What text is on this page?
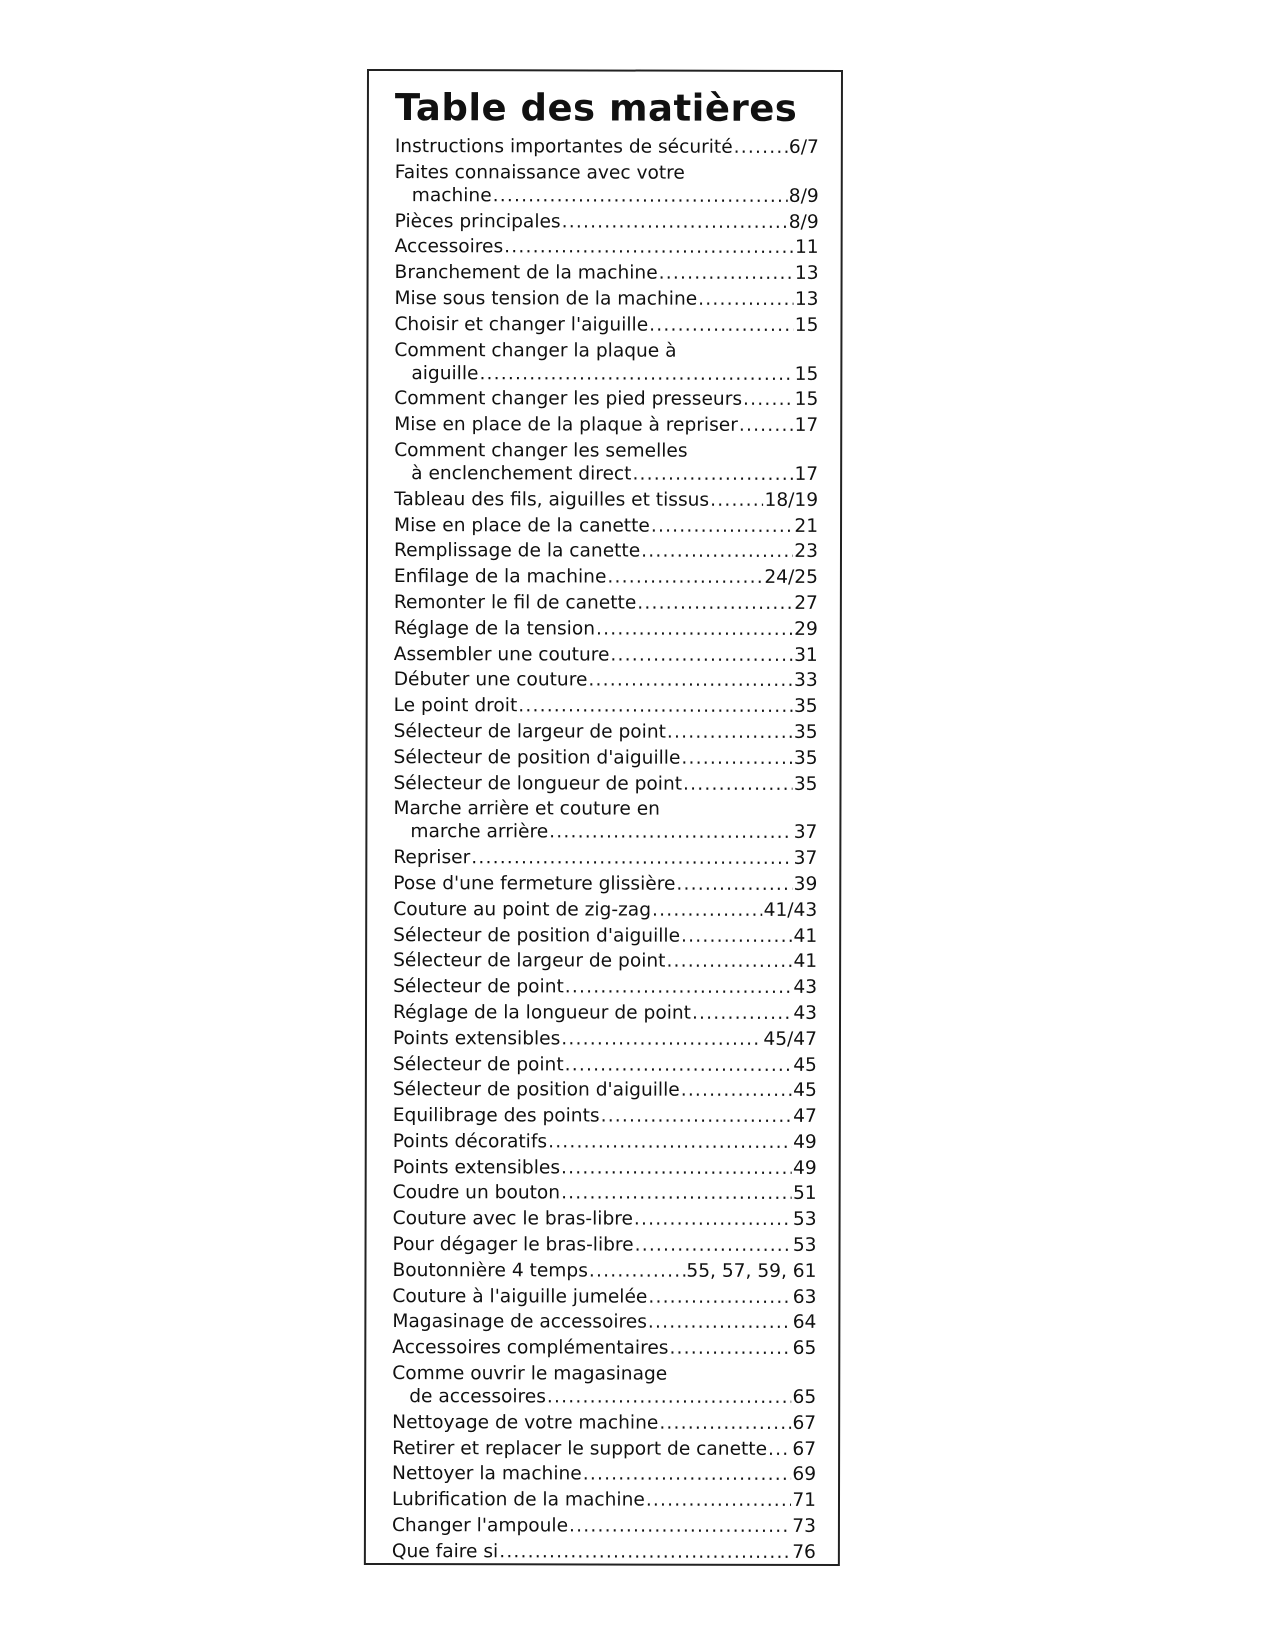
Table des matières
Instructions importantes de sécurité .....	6/7
Faites connaissance avec votre
machine .....	8/9
Pièces principales .....	8/9
Accessoires .....	11
Branchement de la machine .....	13
Mise sous tension de la machine .....	13
Choisir et changer l'aiguille .....	15
Comment changer la plaque à
aiguille .....	15
Comment changer les pied presseurs .....	15
Mise en place de la plaque à repriser .....	17
Comment changer les semelles
à enclenchement direct .....	17
Tableau des fils, aiguilles et tissus .....	18/19
Mise en place de la canette .....	21
Remplissage de la canette .....	23
Enfilage de la machine .....	24/25
Remonter le fil de canette .....	27
Réglage de la tension .....	29
Assembler une couture .....	31
Débuter une couture .....	33
Le point droit .....	35
Sélecteur de largeur de point .....	35
Sélecteur de position d'aiguille .....	35
Sélecteur de longueur de point .....	35
Marche arrière et couture en
marche arrière .....	37
Repriser .....	37
Pose d'une fermeture glissière .....	39
Couture au point de zig-zag .....	41/43
Sélecteur de position d'aiguille .....	41
Sélecteur de largeur de point .....	41
Sélecteur de point .....	43
Réglage de la longueur de point .....	43
Points extensibles .....	45/47
Sélecteur de point .....	45
Sélecteur de position d'aiguille .....	45
Equilibrage des points .....	47
Points décoratifs .....	49
Points extensibles .....	49
Coudre un bouton .....	51
Couture avec le bras-libre .....	53
Pour dégager le bras-libre .....	53
Boutonnière 4 temps .....	55, 57, 59, 61
Couture à l'aiguille jumelée .....	63
Magasinage de accessoires .....	64
Accessoires complémentaires .....	65
Comme ouvrir le magasinage
de accessoires .....	65
Nettoyage de votre machine .....	67
Retirer et replacer le support de canette ..... 67
Nettoyer la machine .....	69
Lubrification de la machine .....	71
Changer l'ampoule .....	73
Que faire si .....	76
